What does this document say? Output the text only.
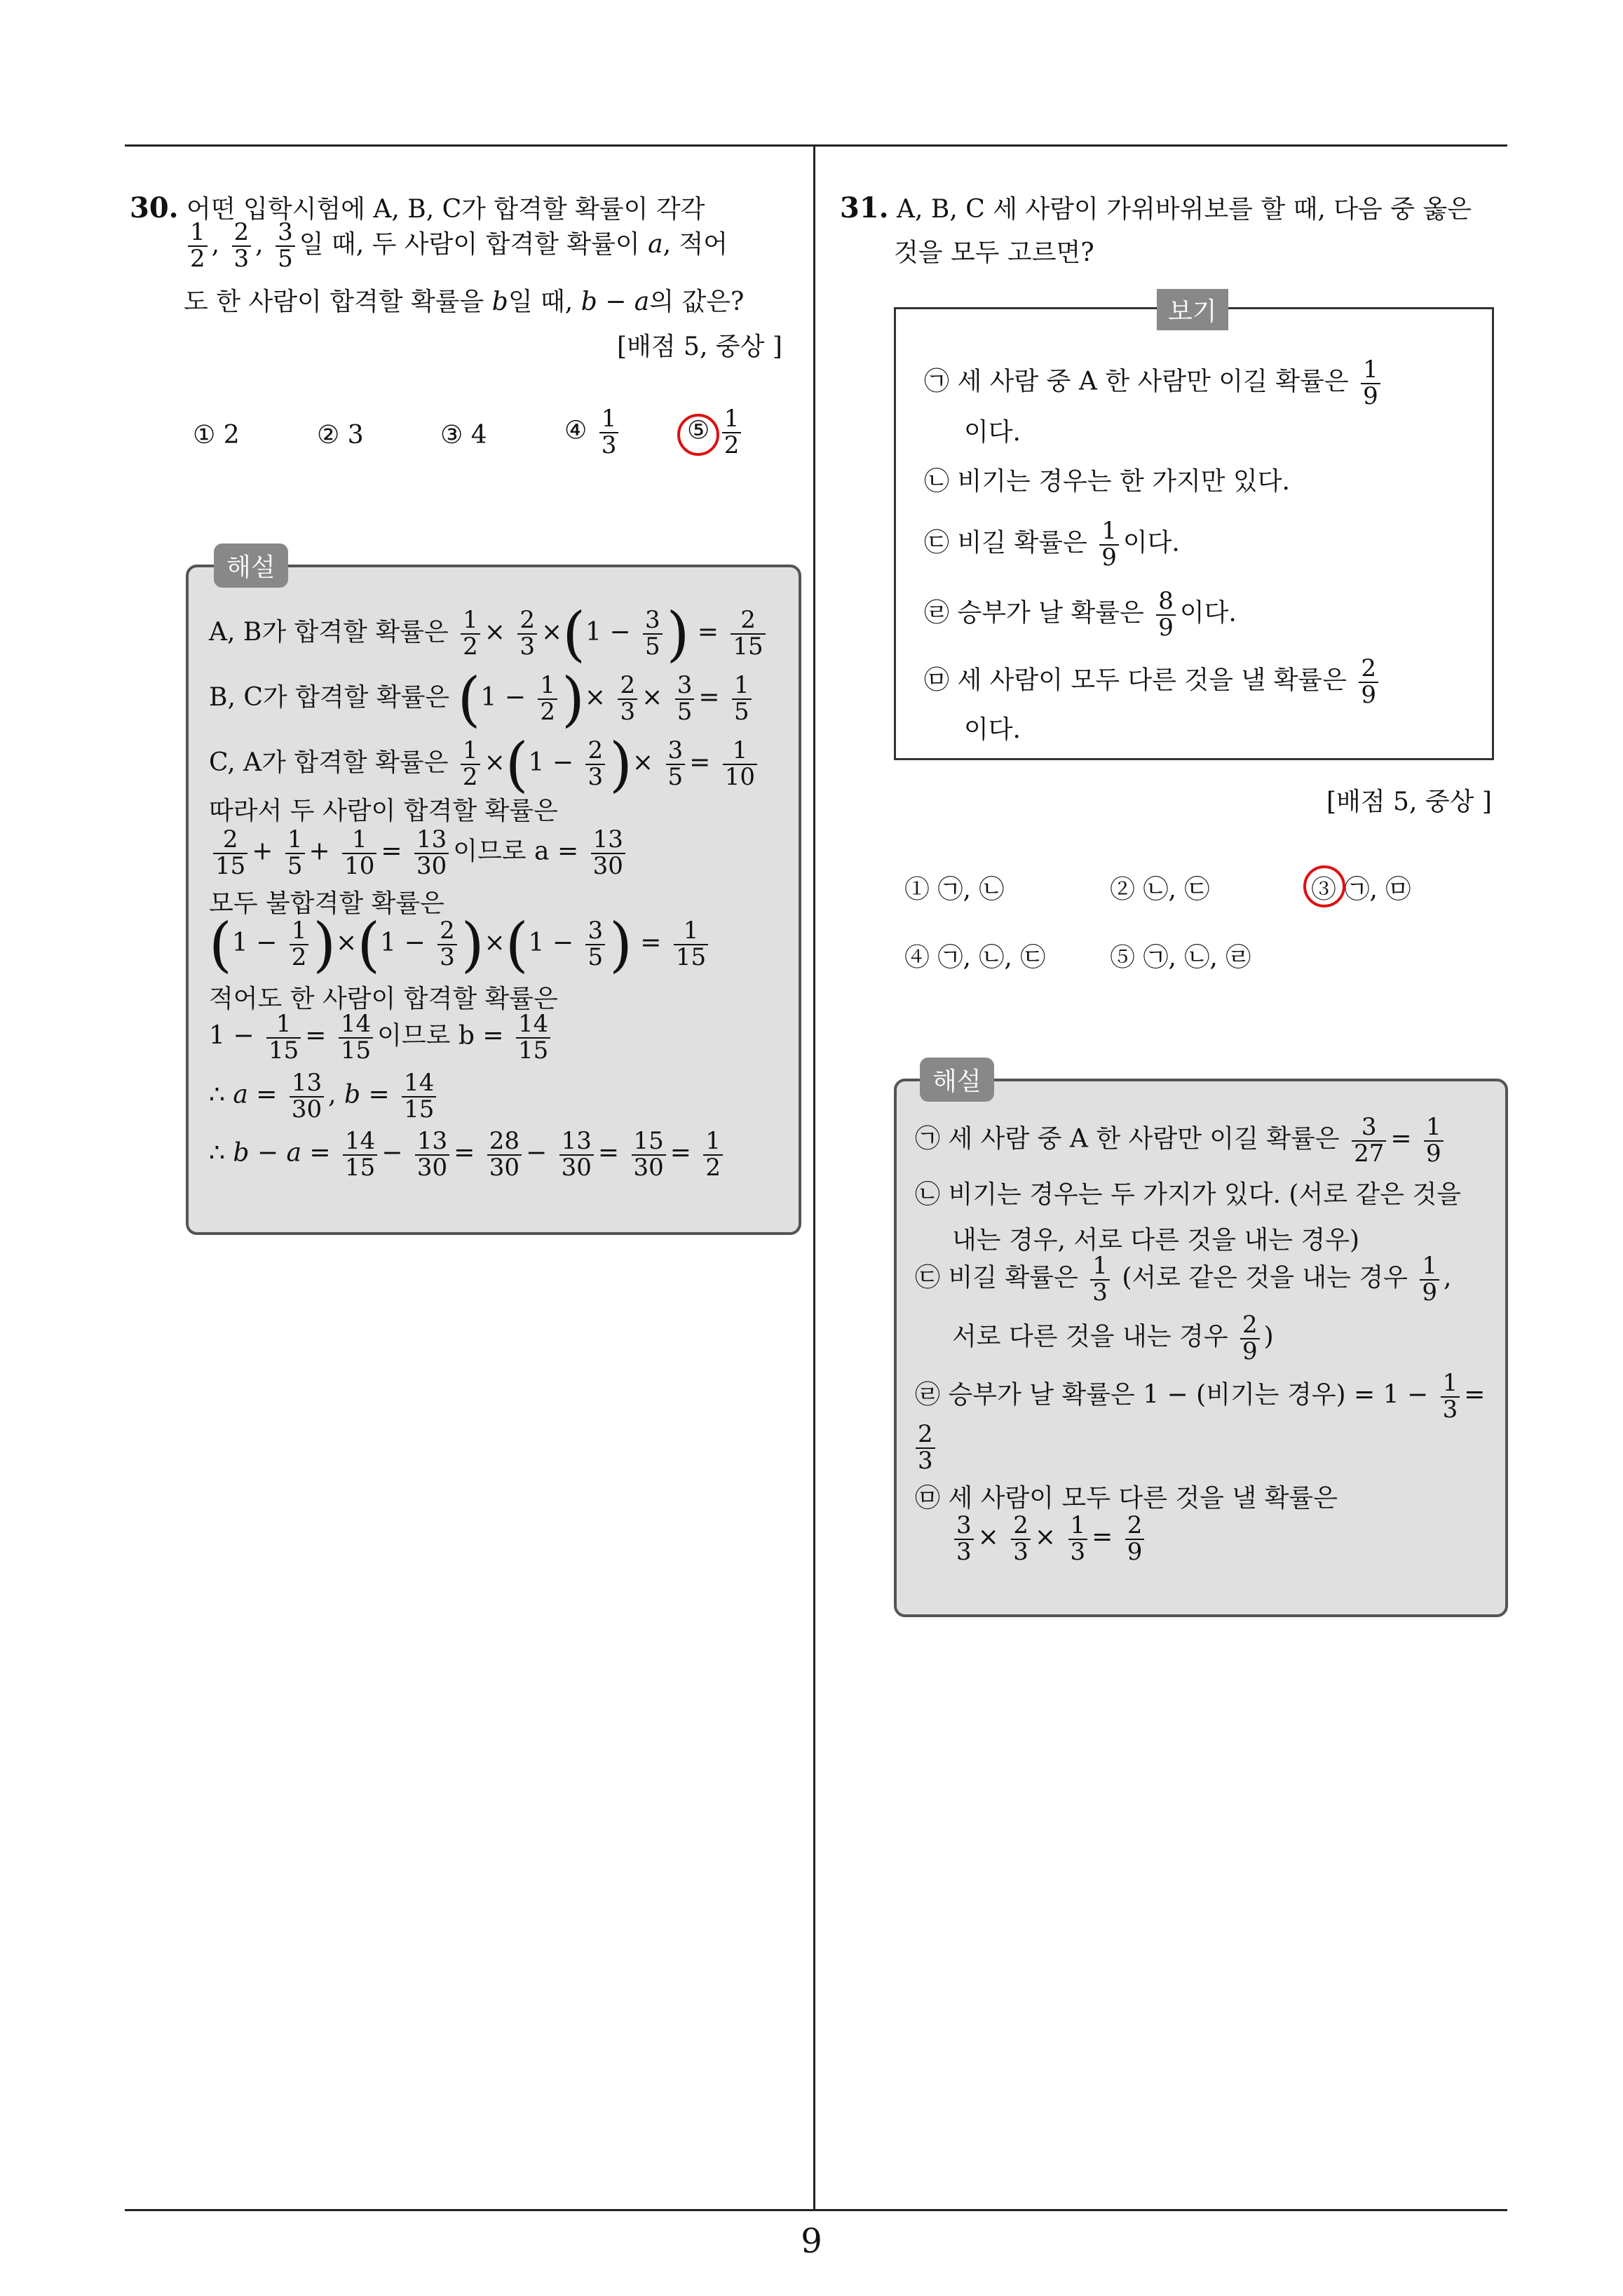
9
30. 어떤 입학시험에 A, B, C가 합격할 확률이 각각
$\frac{1}{2}$ , $\frac{2}{3}$ , $\frac{3}{5}$ 일 때, 두 사람이 합격할 확률이 a, 적어
도 한 사람이 합격할 확률을 b일 때, b − a의 값은?
[배점 5, 중상 ]
① 2	② 3	③ 4	④ $\frac{1}{3}$	⑤ $\frac{1}{2}$
해설
A, B가 합격할 확률은 $\frac{1}{2} \times \frac{2}{3} \times(1 - \frac{3}{5}$ ) = $\frac{2}{15}$
B, C가 합격할 확률은 ($1 - \frac{1}{2}$ )× $\frac{2}{3} \times \frac{3}{5} = \frac{1}{5}$
C, A가 합격할 확률은 $\frac{1}{2} \times(1 - \frac{2}{3}$ )× $\frac{3}{5} = \frac{1}{10}$
따라서 두 사람이 합격할 확률은
$\frac{2}{15} + \frac{1}{5} + \frac{1}{10} = \frac{13}{30}$ 이므로 $a = \frac{13}{30}$
모두 불합격할 확률은
$(1 - \frac{1}{2} )\times(1 - \frac{2}{3} )\times(1 - \frac{3}{5}$ ) = $\frac{1}{15}$
적어도 한 사람이 합격할 확률은
$1 - \frac{1}{15} = \frac{14}{15}$ 이므로 $b = \frac{14}{15}$
∴ $a = \frac{13}{30}$ , $b = \frac{14}{15}$
∴ $b - a = \frac{14}{15} - \frac{13}{30} = \frac{28}{30} - \frac{13}{30} = \frac{15}{30} = \frac{1}{2}$
31. A, B, C 세 사람이 가위바위보를 할 때, 다음 중 옳은
것을 모두 고르면?
보기
㉠ 세 사람 중 A 한 사람만 이길 확률은 $\frac{1}{9}$
이다.
㉡ 비기는 경우는 한 가지만 있다.
㉢ 비길 확률은 $\frac{1}{9}$ 이다.
㉣ 승부가 날 확률은 $\frac{8}{9}$ 이다.
㉤ 세 사람이 모두 다른 것을 낼 확률은 $\frac{2}{9}$
이다.
[배점 5, 중상 ]
① ㉠, ㉡	② ㉡, ㉢	③ ㉠, ㉤
④ ㉠, ㉡, ㉢	⑤ ㉠, ㉡, ㉣
해설
㉠ 세 사람 중 A 한 사람만 이길 확률은 $\frac{3}{27} = \frac{1}{9}$
㉡ 비기는 경우는 두 가지가 있다. (서로 같은 것을
내는 경우, 서로 다른 것을 내는 경우)
㉢ 비길 확률은 $\frac{1}{3}$ (서로 같은 것을 내는 경우 $\frac{1}{9}$ ,
서로 다른 것을 내는 경우 $\frac{2}{9}$ )
㉣ 승부가 날 확률은 1 − (비기는 경우) = $1 - \frac{1}{3}$ =
$\frac{2}{3}$
㉤ 세 사람이 모두 다른 것을 낼 확률은
$\frac{3}{3} \times \frac{2}{3} \times \frac{1}{3} = \frac{2}{9}$
